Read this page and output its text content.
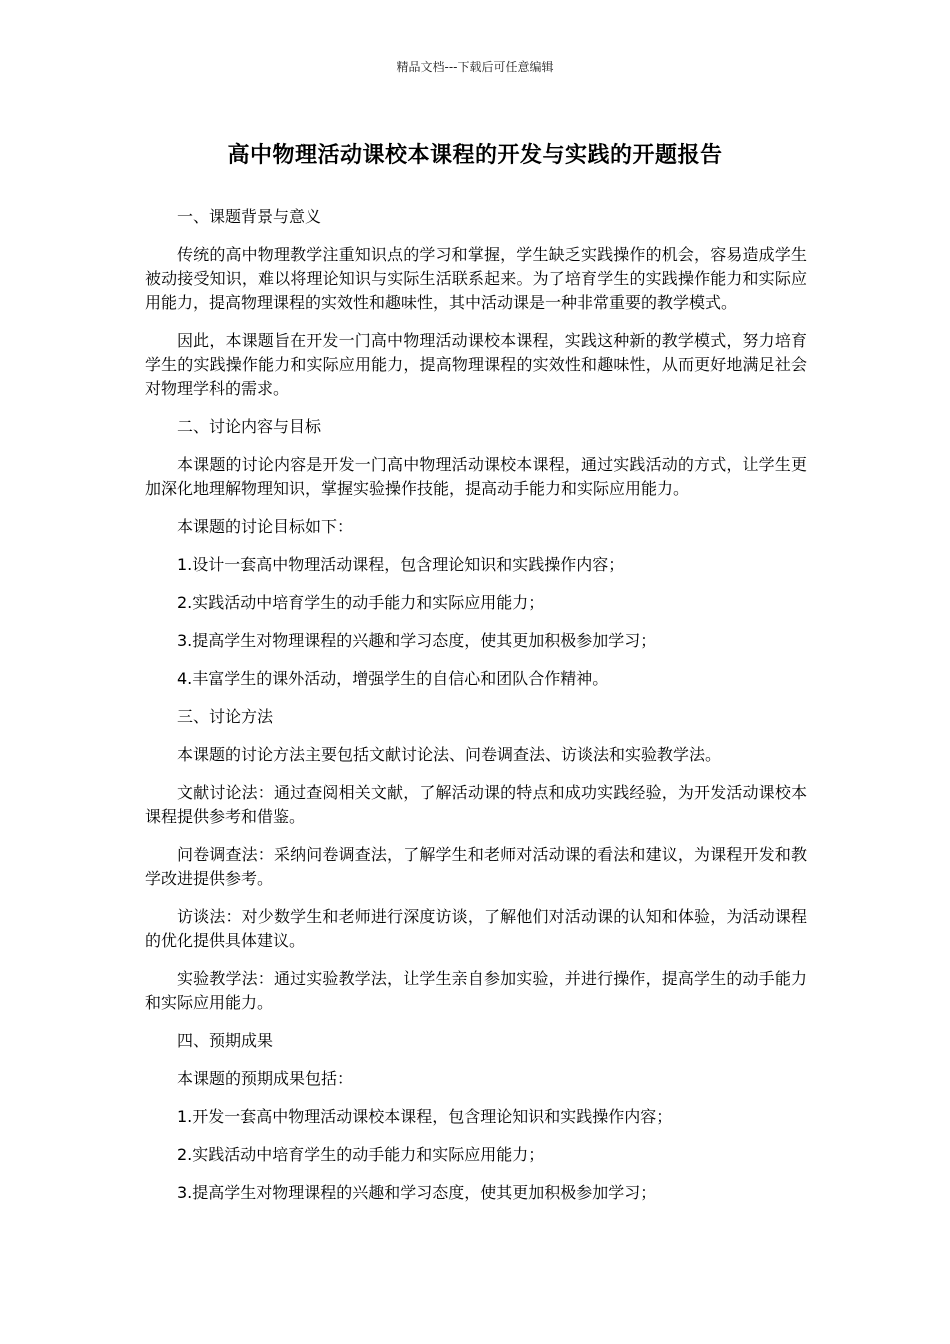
精品文档---下载后可任意编辑
高中物理活动课校本课程的开发与实践的开题报告

一、课题背景与意义

传统的高中物理教学注重知识点的学习和掌握，学生缺乏实践操作的机会，容易造成学生被动接受知识，难以将理论知识与实际生活联系起来。为了培育学生的实践操作能力和实际应用能力，提高物理课程的实效性和趣味性，其中活动课是一种非常重要的教学模式。

因此，本课题旨在开发一门高中物理活动课校本课程，实践这种新的教学模式，努力培育学生的实践操作能力和实际应用能力，提高物理课程的实效性和趣味性，从而更好地满足社会对物理学科的需求。

二、讨论内容与目标

本课题的讨论内容是开发一门高中物理活动课校本课程，通过实践活动的方式，让学生更加深化地理解物理知识，掌握实验操作技能，提高动手能力和实际应用能力。

本课题的讨论目标如下：

1.设计一套高中物理活动课程，包含理论知识和实践操作内容；

2.实践活动中培育学生的动手能力和实际应用能力；

3.提高学生对物理课程的兴趣和学习态度，使其更加积极参加学习；

4.丰富学生的课外活动，增强学生的自信心和团队合作精神。

三、讨论方法

本课题的讨论方法主要包括文献讨论法、问卷调查法、访谈法和实验教学法。

文献讨论法：通过查阅相关文献，了解活动课的特点和成功实践经验，为开发活动课校本课程提供参考和借鉴。

问卷调查法：采纳问卷调查法，了解学生和老师对活动课的看法和建议，为课程开发和教学改进提供参考。

访谈法：对少数学生和老师进行深度访谈，了解他们对活动课的认知和体验，为活动课程的优化提供具体建议。

实验教学法：通过实验教学法，让学生亲自参加实验，并进行操作，提高学生的动手能力和实际应用能力。

四、预期成果

本课题的预期成果包括：

1.开发一套高中物理活动课校本课程，包含理论知识和实践操作内容；

2.实践活动中培育学生的动手能力和实际应用能力；

3.提高学生对物理课程的兴趣和学习态度，使其更加积极参加学习；
